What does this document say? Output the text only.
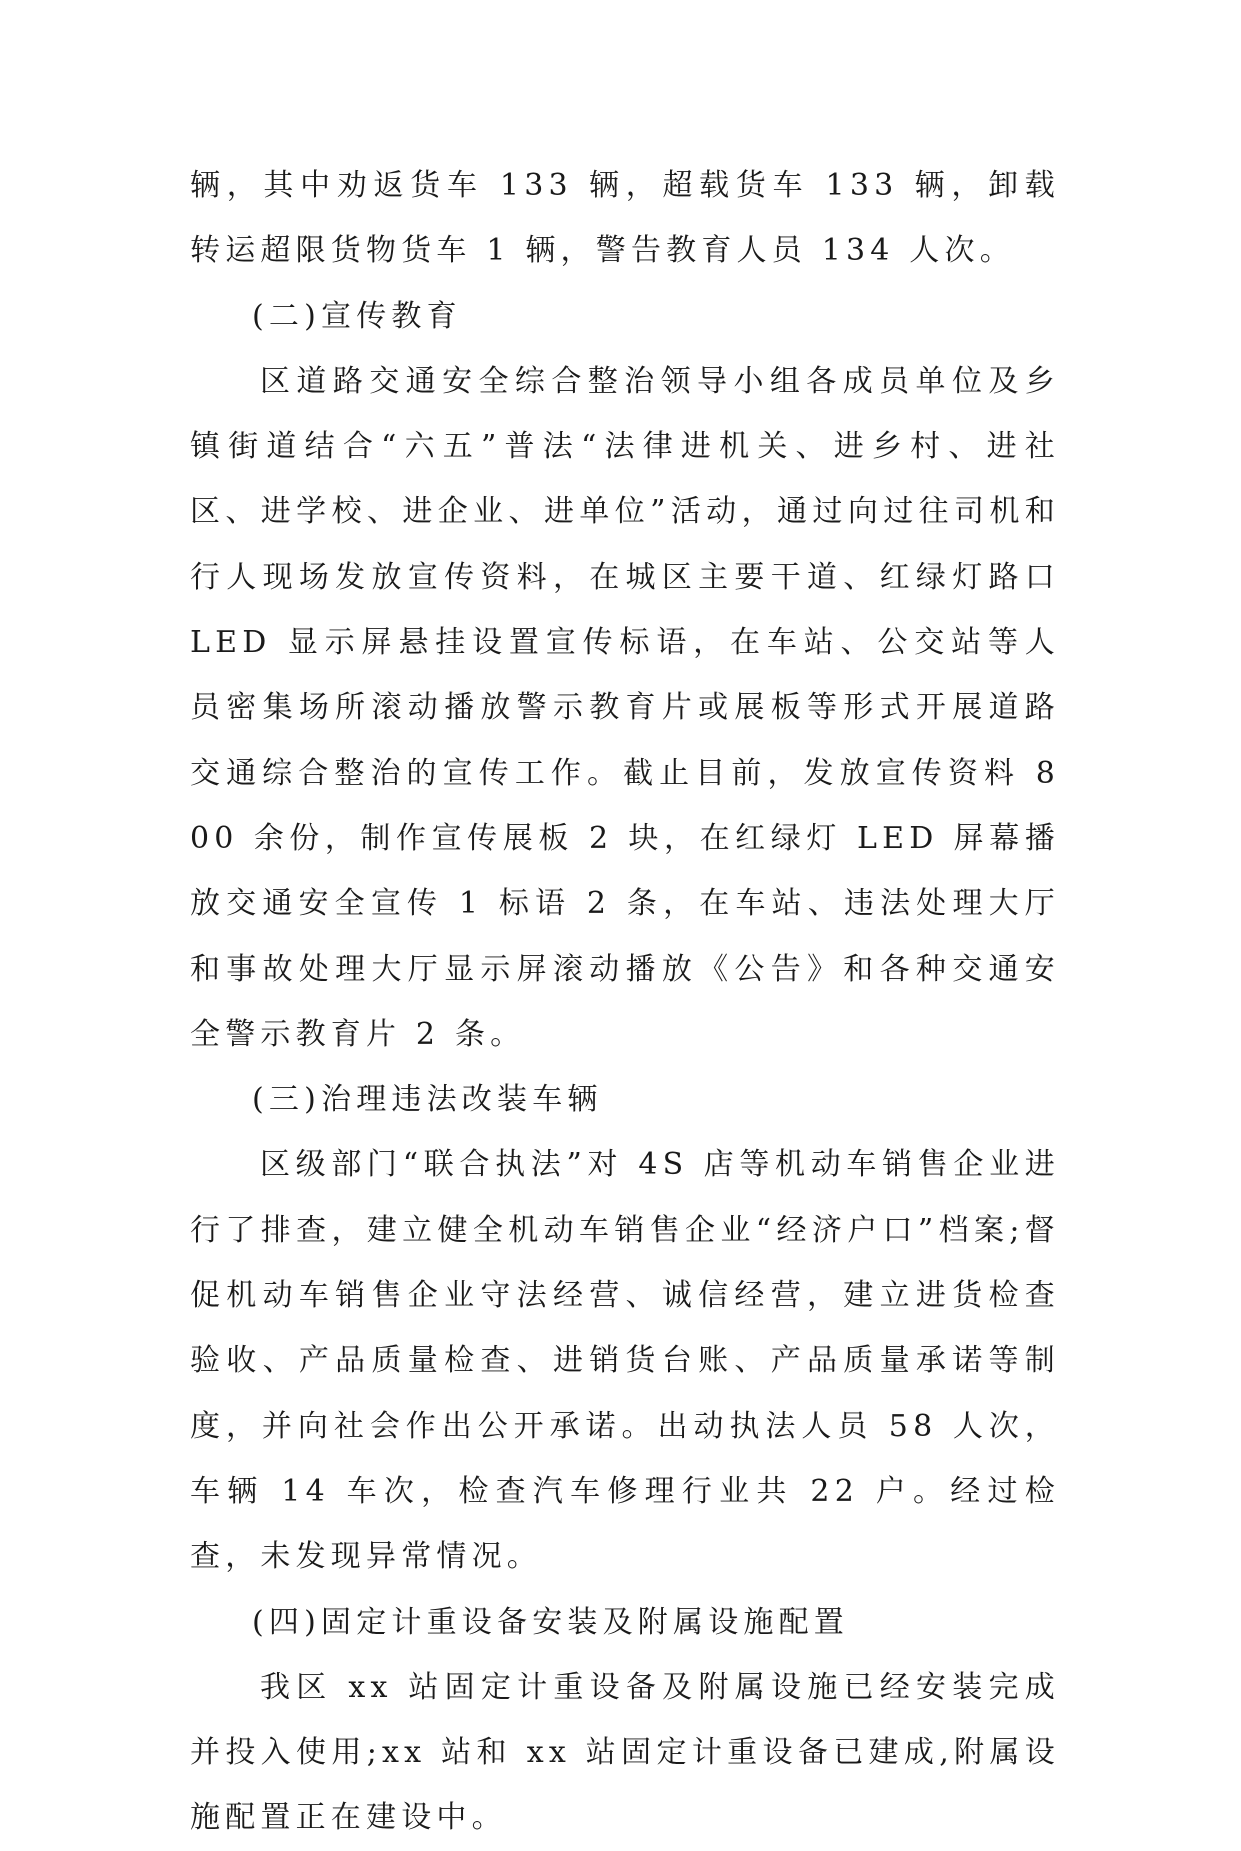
辆，其中劝返货车 133 辆，超载货车 133 辆，卸载转运超限货物货车 1 辆，警告教育人员 134 人次。

(二)宣传教育

区道路交通安全综合整治领导小组各成员单位及乡镇街道结合“六五”普法“法律进机关、进乡村、进社区、进学校、进企业、进单位”活动，通过向过往司机和行人现场发放宣传资料，在城区主要干道、红绿灯路口 LED 显示屏悬挂设置宣传标语，在车站、公交站等人员密集场所滚动播放警示教育片或展板等形式开展道路交通综合整治的宣传工作。截止目前，发放宣传资料 800 余份，制作宣传展板 2 块，在红绿灯 LED 屏幕播放交通安全宣传 1 标语 2 条，在车站、违法处理大厅和事故处理大厅显示屏滚动播放《公告》和各种交通安全警示教育片 2 条。

(三)治理违法改装车辆

区级部门“联合执法”对 4S 店等机动车销售企业进行了排查，建立健全机动车销售企业“经济户口”档案;督促机动车销售企业守法经营、诚信经营，建立进货检查验收、产品质量检查、进销货台账、产品质量承诺等制度，并向社会作出公开承诺。出动执法人员 58 人次，车辆 14 车次，检查汽车修理行业共 22 户。经过检查，未发现异常情况。

(四)固定计重设备安装及附属设施配置

我区 xx 站固定计重设备及附属设施已经安装完成并投入使用;xx 站和 xx 站固定计重设备已建成,附属设施配置正在建设中。
